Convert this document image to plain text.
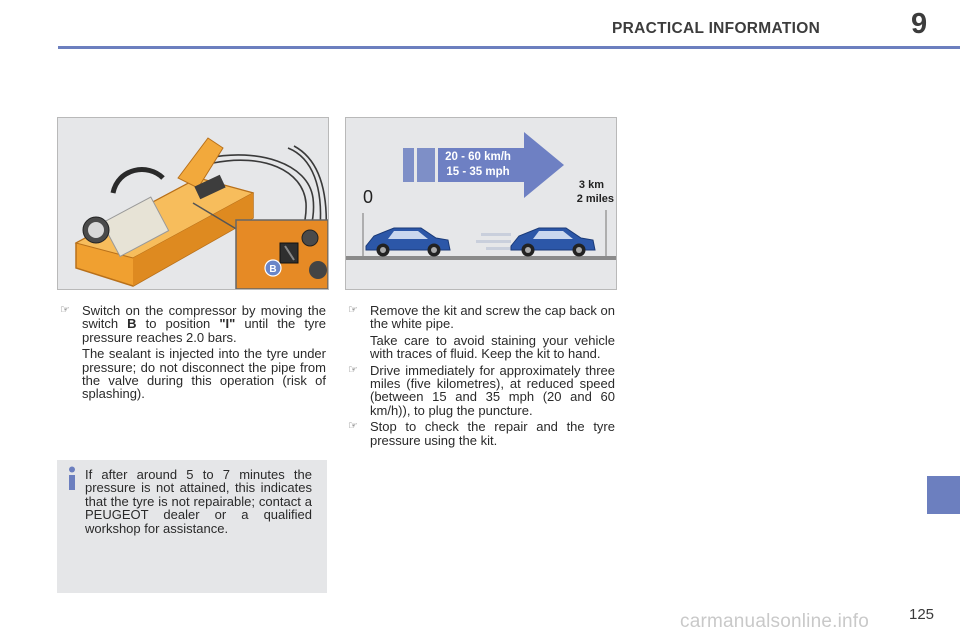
PRACTICAL INFORMATION	9
B
20 - 60 km/h
15 - 35 mph
0
3 km
2 miles
☞ Switch on the compressor by moving the switch B to position "I" until the tyre pressure reaches 2.0 bars.
The sealant is injected into the tyre under pressure; do not disconnect the pipe from the valve during this operation (risk of splashing).
☞ Remove the kit and screw the cap back on the white pipe.
Take care to avoid staining your vehicle with traces of fluid. Keep the kit to hand.
☞ Drive immediately for approximately three miles (five kilometres), at reduced speed (between 15 and 35 mph (20 and 60 km/h)), to plug the puncture.
☞ Stop to check the repair and the tyre pressure using the kit.
If after around 5 to 7 minutes the pressure is not attained, this indicates that the tyre is not repairable; contact a PEUGEOT dealer or a qualified workshop for assistance.
carmanualsonline.info	125
